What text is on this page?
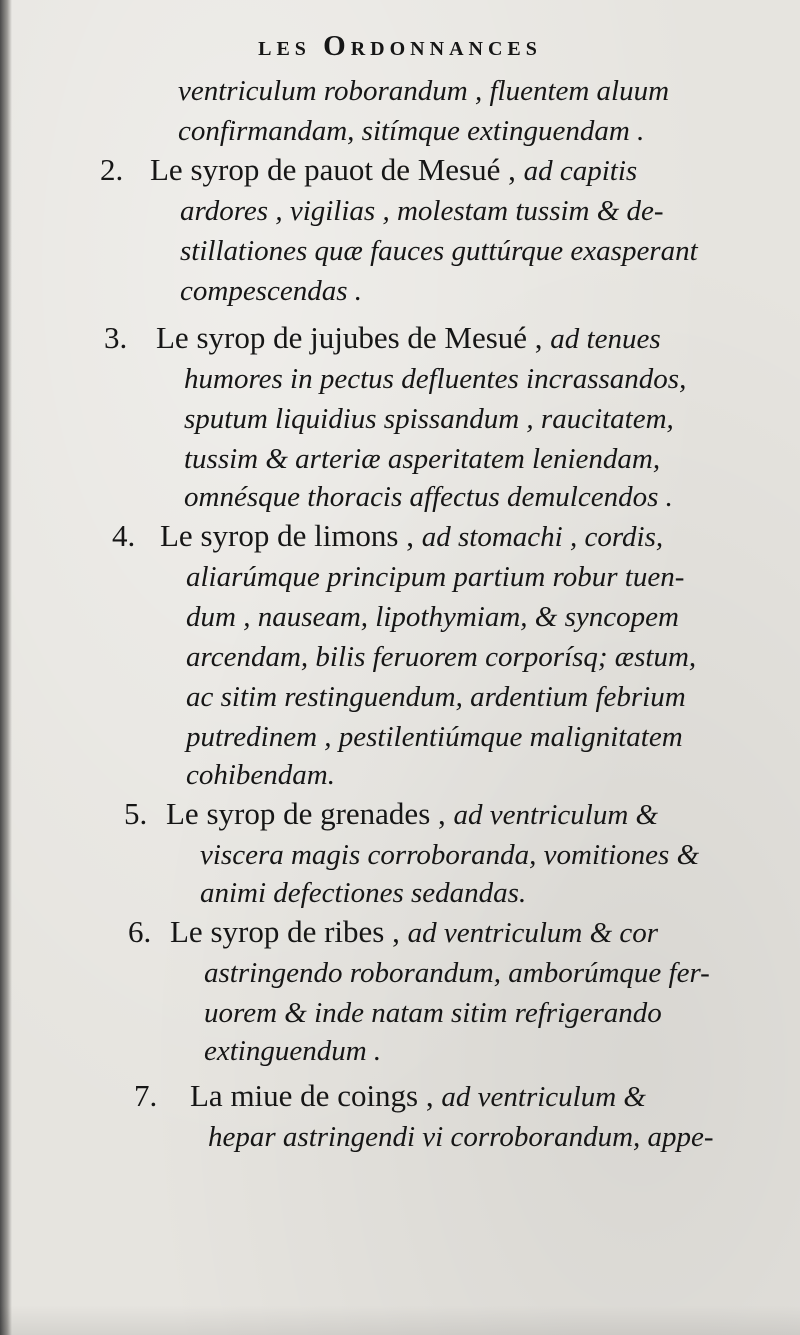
les Ordonnances
ventriculum roborandum , fluentem aluum
confirmandam, sitímque extinguendam .
2. Le syrop de pauot de Mesué , ad capitis
ardores , vigilias , molestam tussim & de-
stillationes quæ fauces guttúrque exasperant
compescendas .
3. Le syrop de jujubes de Mesué , ad tenues
humores in pectus defluentes incrassandos,
sputum liquidius spissandum , raucitatem,
tussim & arteriæ asperitatem leniendam,
omnésque thoracis affectus demulcendos .
4. Le syrop de limons , ad stomachi , cordis,
aliarúmque principum partium robur tuen-
dum , nauseam, lipothymiam, & syncopem
arcendam, bilis feruorem corporísq; æstum,
ac sitim restinguendum, ardentium febrium
putredinem , pestilentiúmque malignitatem
cohibendam.
5. Le syrop de grenades , ad ventriculum &
viscera magis corroboranda, vomitiones &
animi defectiones sedandas.
6. Le syrop de ribes , ad ventriculum & cor
astringendo roborandum, amborúmque fer-
uorem & inde natam sitim refrigerando
extinguendum .
7. La miue de coings , ad ventriculum &
hepar astringendi vi corroborandum, appe-
